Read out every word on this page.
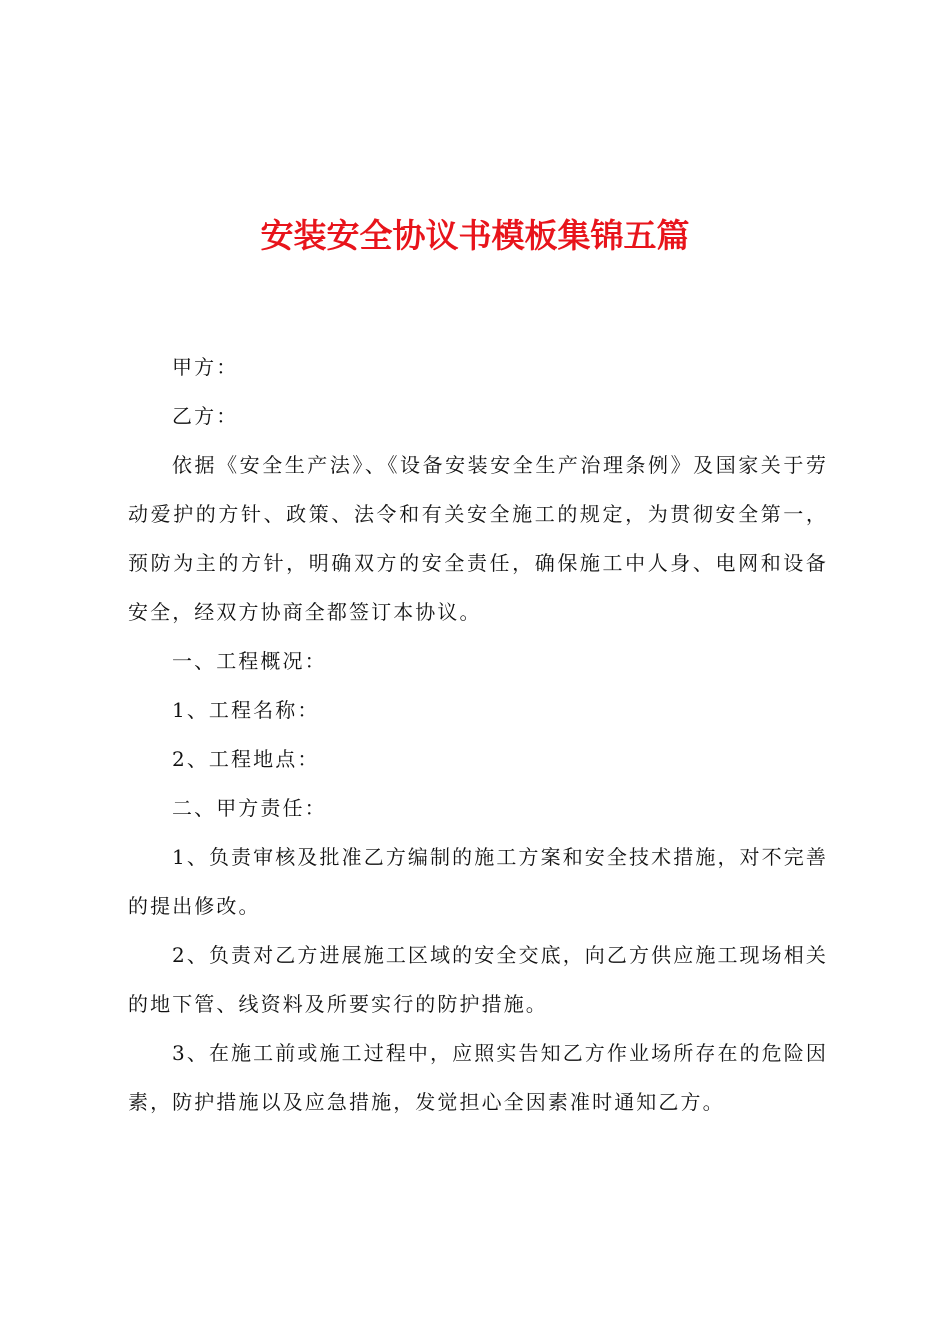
安装安全协议书模板集锦五篇

甲方：

乙方：

依据《安全生产法》、《设备安装安全生产治理条例》及国家关于劳动爱护的方针、政策、法令和有关安全施工的规定，为贯彻安全第一，预防为主的方针，明确双方的安全责任，确保施工中人身、电网和设备安全，经双方协商全都签订本协议。

一、工程概况：

1、工程名称：

2、工程地点：

二、甲方责任：

1、负责审核及批准乙方编制的施工方案和安全技术措施，对不完善的提出修改。

2、负责对乙方进展施工区域的安全交底，向乙方供应施工现场相关的地下管、线资料及所要实行的防护措施。

3、在施工前或施工过程中，应照实告知乙方作业场所存在的危险因素，防护措施以及应急措施，发觉担心全因素准时通知乙方。
